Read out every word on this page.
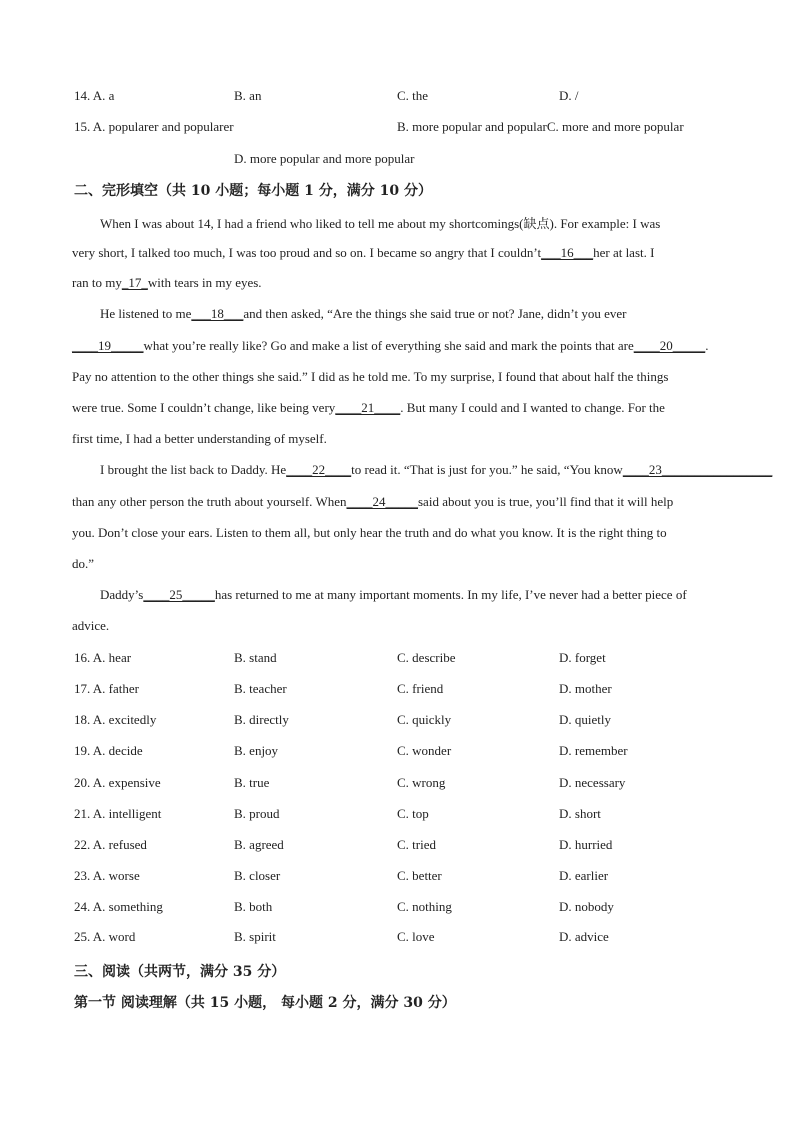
14. A. a	B. an	C. the	D. /
15. A. popularer and popularer	B. more popular and popularC. more and more popular
D. more popular and more popular
二、完形填空（共 10 小题；每小题 1 分，满分 10 分）
When I was about 14, I had a friend who liked to tell me about my shortcomings(缺点). For example: I was
very short, I talked too much, I was too proud and so on. I became so angry that I couldn’t___16___her at last. I
ran to my_17_with tears in my eyes.
He listened to me___18___and then asked, “Are the things she said true or not? Jane, didn’t you ever
____19_____what you’re really like? Go and make a list of everything she said and mark the points that are____20_____.
Pay no attention to the other things she said.” I did as he told me. To my surprise, I found that about half the things
were true. Some I couldn’t change, like being very____21____. But many I could and I wanted to change. For the
first time, I had a better understanding of myself.
I brought the list back to Daddy. He____22____to read it. “That is just for you.” he said, “You know____23_________________
than any other person the truth about yourself. When____24_____said about you is true, you’ll find that it will help
you. Don’t close your ears. Listen to them all, but only hear the truth and do what you know. It is the right thing to
do.”
Daddy’s____25_____has returned to me at many important moments. In my life, I’ve never had a better piece of
advice.
16. A. hear	B. stand	C. describe	D. forget
17. A. father	B. teacher	C. friend	D. mother
18. A. excitedly	B. directly	C. quickly	D. quietly
19. A. decide	B. enjoy	C. wonder	D. remember
20. A. expensive	B. true	C. wrong	D. necessary
21. A. intelligent	B. proud	C. top	D. short
22. A. refused	B. agreed	C. tried	D. hurried
23. A. worse	B. closer	C. better	D. earlier
24. A. something	B. both	C. nothing	D. nobody
25. A. word	B. spirit	C. love	D. advice
三、阅读（共两节，满分 35 分）
第一节 阅读理解（共 15 小题， 每小题 2 分，满分 30 分）
